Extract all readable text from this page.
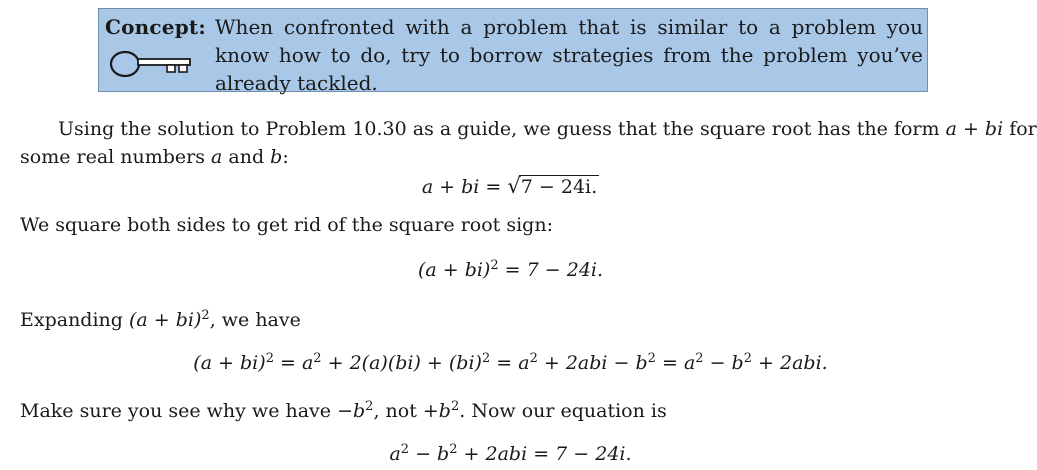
Concept: When confronted with a problem that is similar to a problem you know how to do, try to borrow strategies from the problem you’ve already tackled.
Using the solution to Problem 10.30 as a guide, we guess that the square root has the form a + bi for
some real numbers a and b:
a + bi = √7 − 24i.
We square both sides to get rid of the square root sign:
(a + bi)$^2$ = 7 − 24i.
Expanding (a + bi)$^2$, we have
$(a + bi)^2 = a^2 + 2(a)(bi) + (bi)^2 = a^2 + 2abi - b^2 = a^2 - b^2 + 2abi$.
Make sure you see why we have $-b^2$, not $+b^2$. Now our equation is
$a^2 - b^2 + 2abi = 7 - 24i$.
